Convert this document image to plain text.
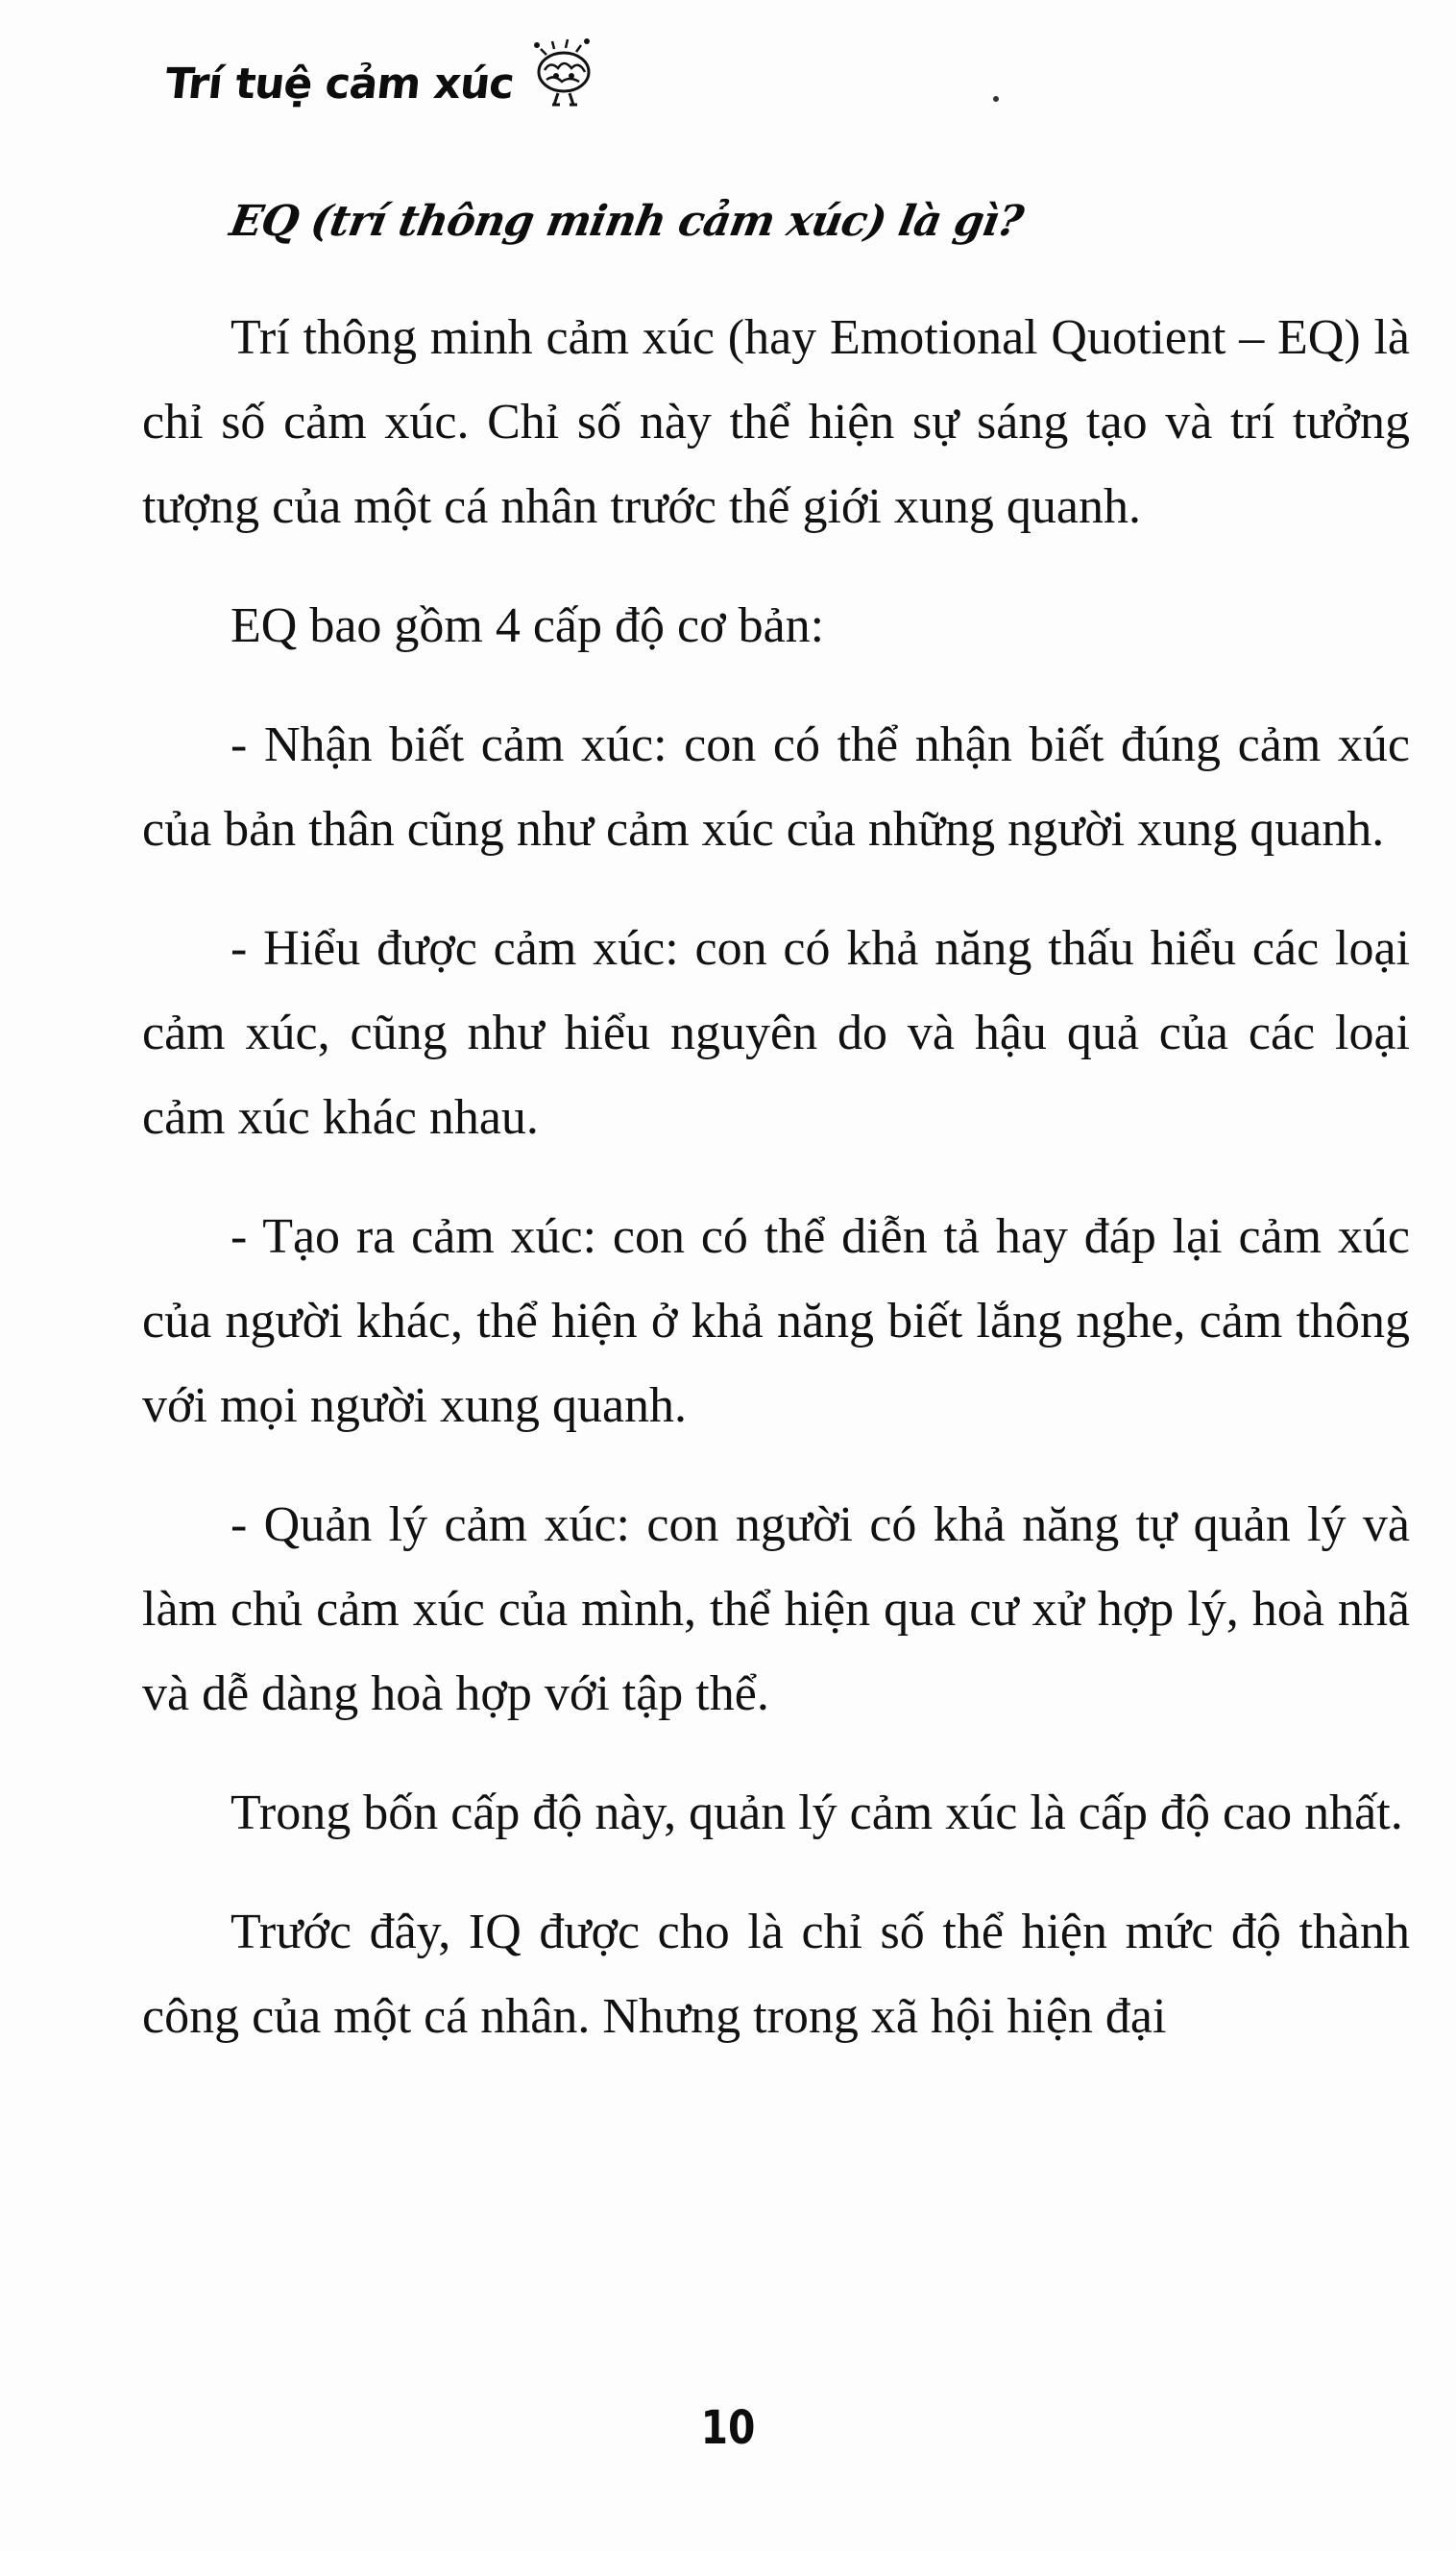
Trí tuệ cảm xúc
EQ (trí thông minh cảm xúc) là gì?

Trí thông minh cảm xúc (hay Emotional Quotient – EQ) là chỉ số cảm xúc. Chỉ số này thể hiện sự sáng tạo và trí tưởng tượng của một cá nhân trước thế giới xung quanh.

EQ bao gồm 4 cấp độ cơ bản:

- Nhận biết cảm xúc: con có thể nhận biết đúng cảm xúc của bản thân cũng như cảm xúc của những người xung quanh.

- Hiểu được cảm xúc: con có khả năng thấu hiểu các loại cảm xúc, cũng như hiểu nguyên do và hậu quả của các loại cảm xúc khác nhau.

- Tạo ra cảm xúc: con có thể diễn tả hay đáp lại cảm xúc của người khác, thể hiện ở khả năng biết lắng nghe, cảm thông với mọi người xung quanh.

- Quản lý cảm xúc: con người có khả năng tự quản lý và làm chủ cảm xúc của mình, thể hiện qua cư xử hợp lý, hoà nhã và dễ dàng hoà hợp với tập thể.

Trong bốn cấp độ này, quản lý cảm xúc là cấp độ cao nhất.

Trước đây, IQ được cho là chỉ số thể hiện mức độ thành công của một cá nhân. Nhưng trong xã hội hiện đại

10
